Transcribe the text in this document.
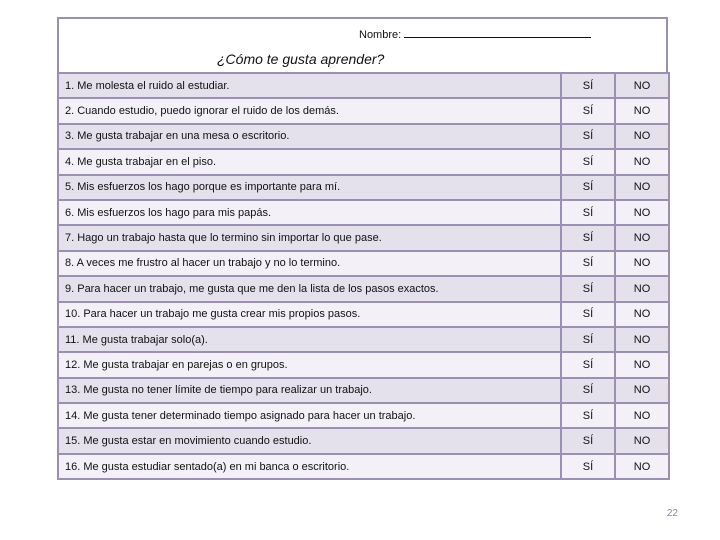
Nombre:
¿Cómo te gusta aprender?
1. Me molesta el ruido al estudiar.	SÍ	NO
2. Cuando estudio, puedo ignorar el ruido de los demás.	SÍ	NO
3. Me gusta trabajar en una mesa o escritorio.	SÍ	NO
4. Me gusta trabajar en el piso.	SÍ	NO
5. Mis esfuerzos los hago porque es importante para mí.	SÍ	NO
6. Mis esfuerzos los hago para mis papás.	SÍ	NO
7. Hago un trabajo hasta que lo termino sin importar lo que pase.	SÍ	NO
8. A veces me frustro al hacer un trabajo y no lo termino.	SÍ	NO
9. Para hacer un trabajo, me gusta que me den la lista de los pasos exactos.	SÍ	NO
10. Para hacer un trabajo me gusta crear mis propios pasos.	SÍ	NO
11. Me gusta trabajar solo(a).	SÍ	NO
12. Me gusta trabajar en parejas o en grupos.	SÍ	NO
13. Me gusta no tener límite de tiempo para realizar un trabajo.	SÍ	NO
14. Me gusta tener determinado tiempo asignado para hacer un trabajo.	SÍ	NO
15. Me gusta estar en movimiento cuando estudio.	SÍ	NO
16. Me gusta estudiar sentado(a) en mi banca o escritorio.	SÍ	NO
22
